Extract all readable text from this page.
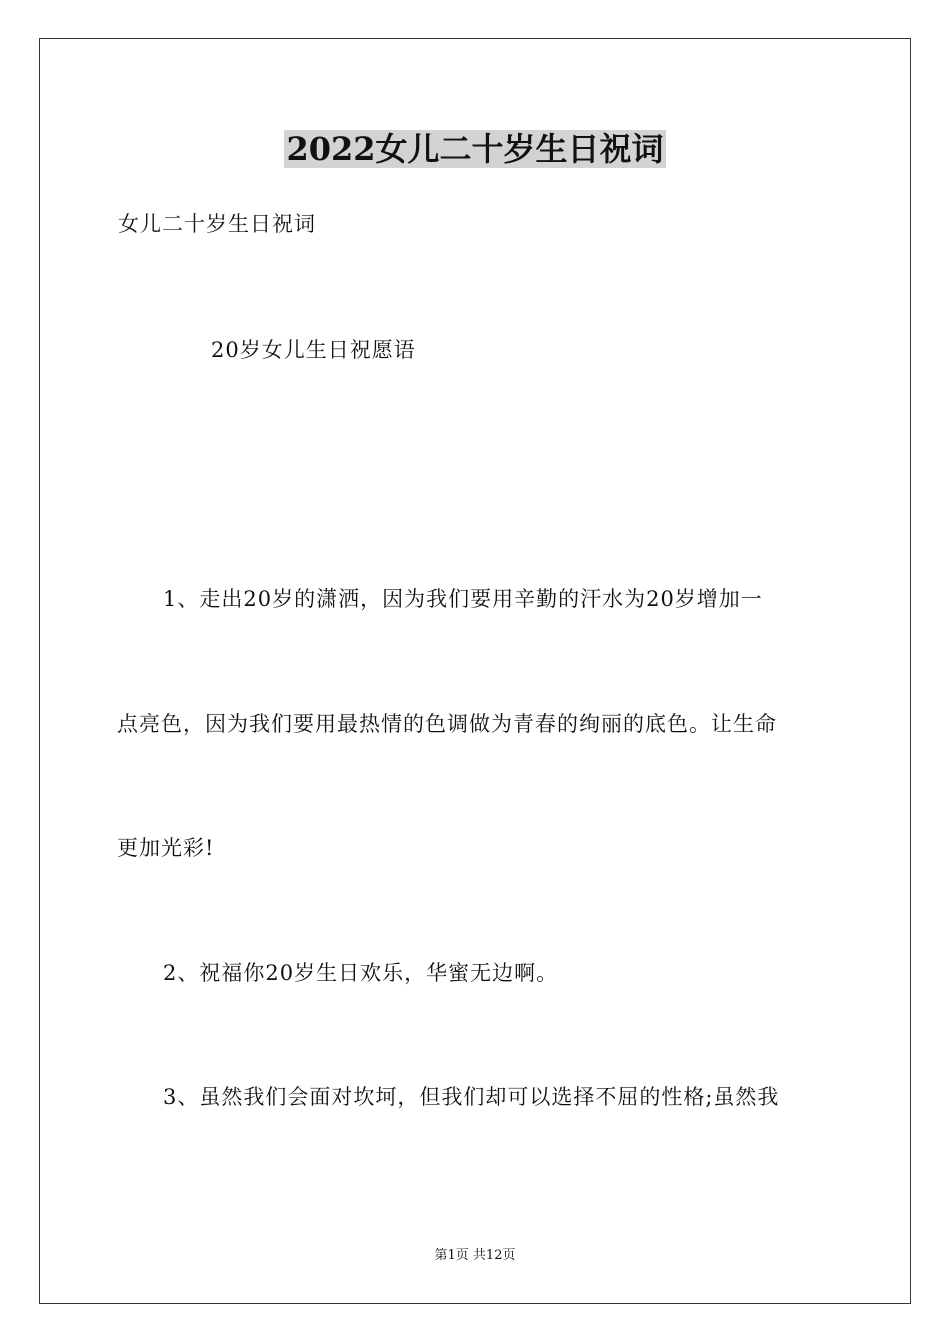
2022女儿二十岁生日祝词

女儿二十岁生日祝词

20岁女儿生日祝愿语

1、走出20岁的潇洒，因为我们要用辛勤的汗水为20岁增加一

点亮色，因为我们要用最热情的色调做为青春的绚丽的底色。让生命

更加光彩!

2、祝福你20岁生日欢乐，华蜜无边啊。

3、虽然我们会面对坎坷，但我们却可以选择不屈的性格;虽然我

第1页 共12页
